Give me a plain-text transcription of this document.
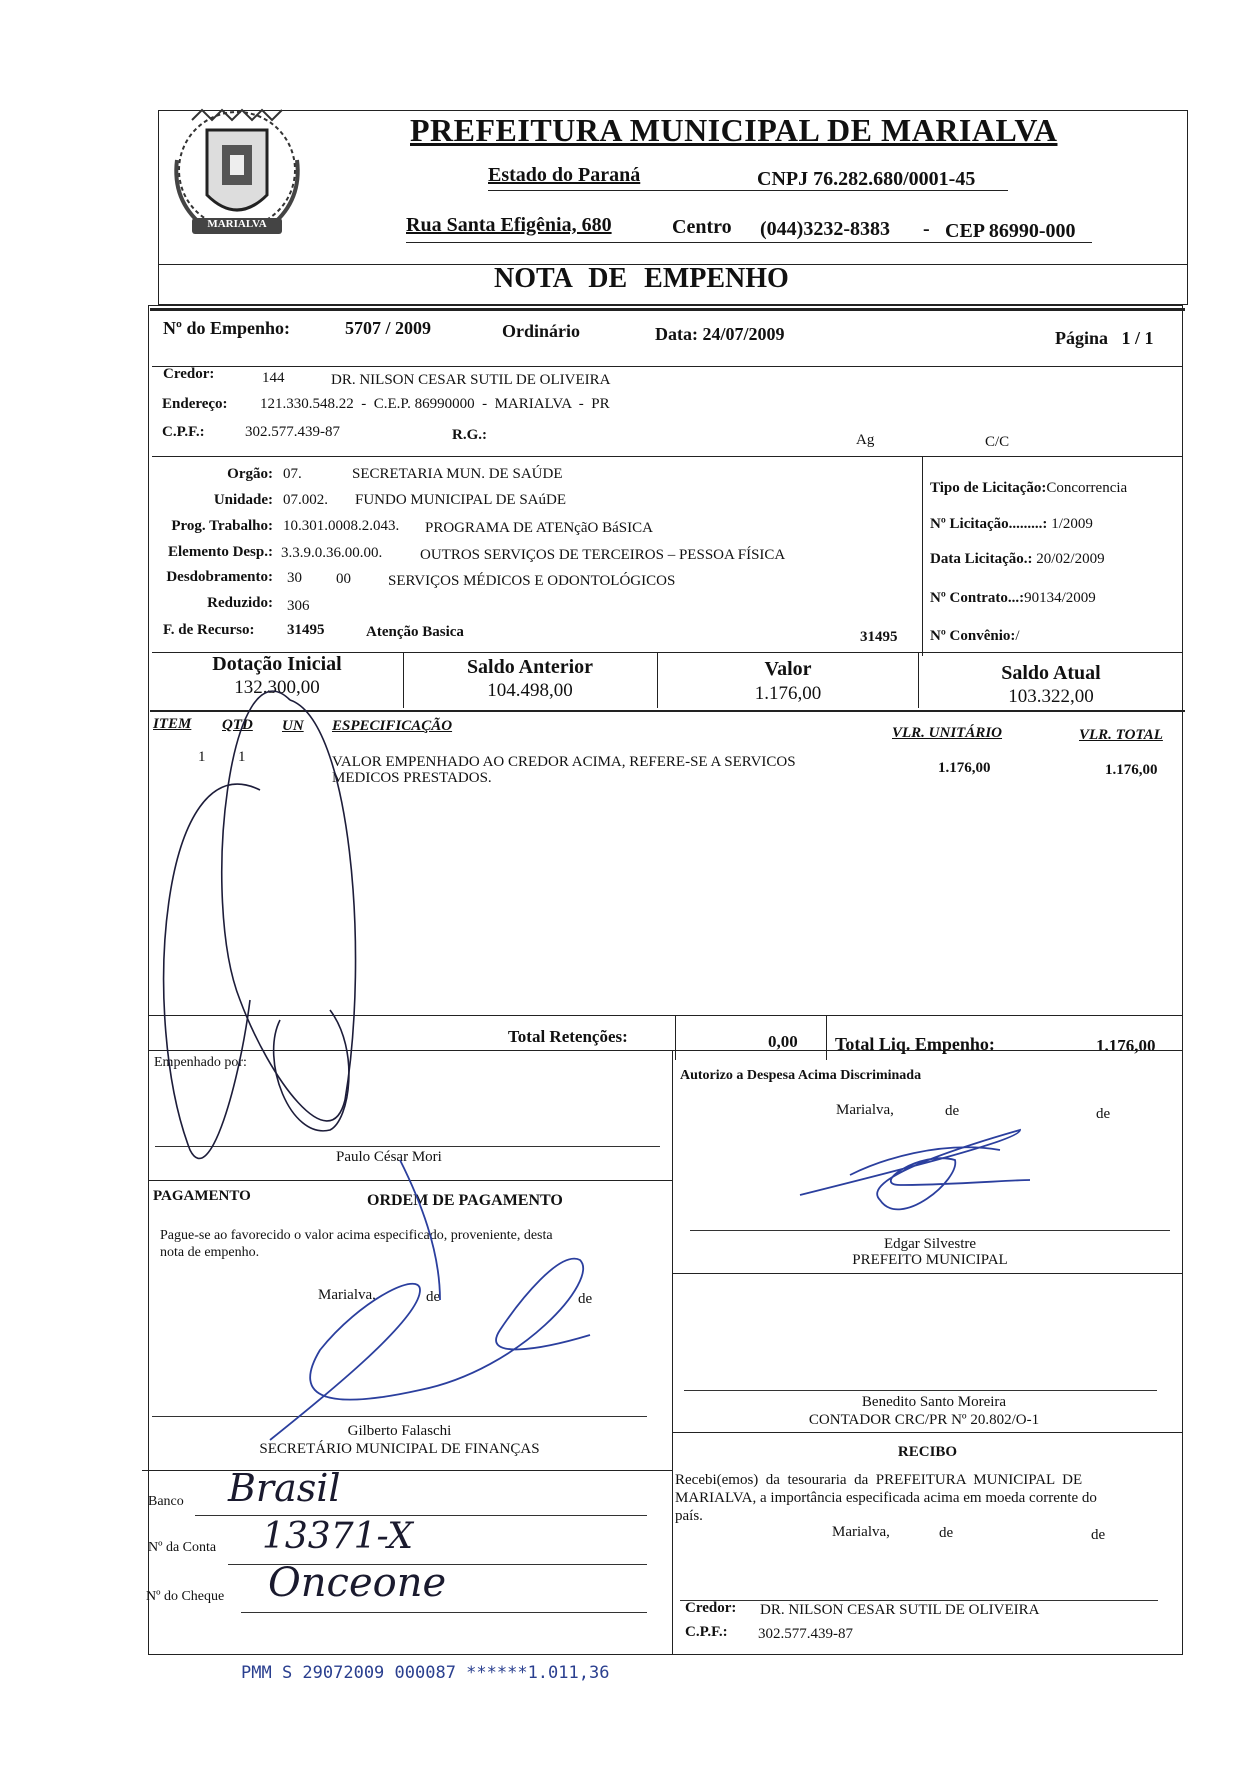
MARIALVA
PREFEITURA MUNICIPAL DE MARIALVA
Estado do Paraná	CNPJ 76.282.680/0001-45
Rua Santa Efigênia, 680	Centro (044)3232-8383 - CEP 86990-000
NOTA DE EMPENHO
Nº do Empenho:	5707 / 2009	Ordinário	Data: 24/07/2009	Página   1 / 1
Credor:	144	DR. NILSON CESAR SUTIL DE OLIVEIRA
Endereço: 121.330.548.22  -  C.E.P. 86990000  -  MARIALVA  -  PR
C.P.F.:	302.577.439-87	R.G.:	Ag	C/C
Orgão: 07.	SECRETARIA MUN. DE SAÚDE
Unidade: 07.002. FUNDO MUNICIPAL DE SAúDE
Prog. Trabalho: 10.301.0008.2.043. PROGRAMA DE ATENçãO BáSICA
Elemento Desp.: 3.3.9.0.36.00.00.	OUTROS SERVIÇOS DE TERCEIROS – PESSOA FÍSICA
Desdobramento: 30 00 SERVIÇOS MÉDICOS E ODONTOLÓGICOS
Reduzido: 306
F. de Recurso: 31495	Atenção Basica	31495
Tipo de Licitação:Concorrencia
Nº Licitação.........: 1/2009
Data Licitação.: 20/02/2009
Nº Contrato...:90134/2009
Nº Convênio:/
Dotação Inicial
132.300,00
Saldo Anterior
104.498,00
Valor
1.176,00
Saldo Atual
103.322,00
ITEM QTD UN ESPECIFICAÇÃO	VLR. UNITÁRIO	VLR. TOTAL
1 1	VALOR EMPENHADO AO CREDOR ACIMA, REFERE-SE A SERVICOS
MEDICOS PRESTADOS.
1.176,00	1.176,00
Total Retenções:	0,00 Total Liq. Empenho:	1.176,00
Empenhado por:
Paulo César Mori
Autorizo a Despesa Acima Discriminada
Marialva,	de	de
Edgar Silvestre
PREFEITO MUNICIPAL
Benedito Santo Moreira
CONTADOR CRC/PR Nº 20.802/O-1
PAGAMENTO	ORDEM DE PAGAMENTO
Pague-se ao favorecido o valor acima especificado, proveniente, desta
nota de empenho.
Marialva,	de	de
Gilberto Falaschi
SECRETÁRIO MUNICIPAL DE FINANÇAS
Banco Brasil
Nº da Conta 13371-X
Nº do Cheque Onceone
RECIBO
Recebi(emos)  da  tesouraria  da  PREFEITURA  MUNICIPAL  DE
MARIALVA, a importância especificada acima em moeda corrente do
país.
Marialva,	de	de
Credor: DR. NILSON CESAR SUTIL DE OLIVEIRA
C.P.F.: 302.577.439-87
PMM S 29072009 000087 ******1.011,36
